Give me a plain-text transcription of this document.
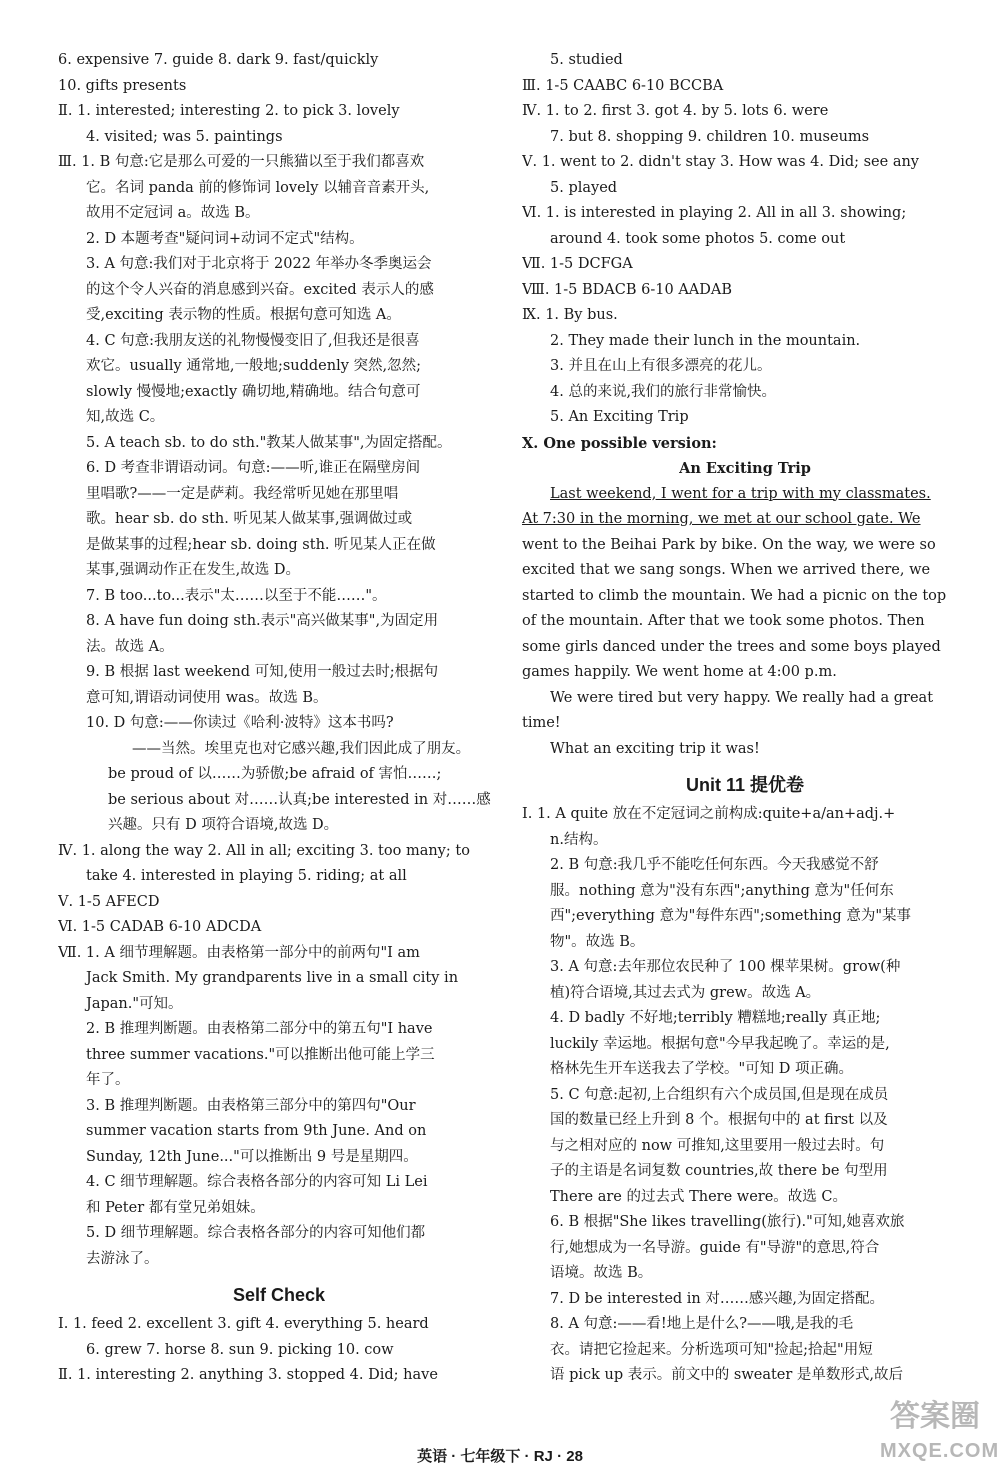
6. expensive 7. guide 8. dark 9. fast/quickly
10. gifts presents
Ⅱ. 1. interested; interesting 2. to pick 3. lovely
4. visited; was 5. paintings
Ⅲ. 1. B 句意:它是那么可爱的一只熊猫以至于我们都喜欢
它。名词 panda 前的修饰词 lovely 以辅音音素开头,
故用不定冠词 a。故选 B。
2. D 本题考查"疑问词+动词不定式"结构。
3. A 句意:我们对于北京将于 2022 年举办冬季奥运会
的这个令人兴奋的消息感到兴奋。excited 表示人的感
受,exciting 表示物的性质。根据句意可知选 A。
4. C 句意:我朋友送的礼物慢慢变旧了,但我还是很喜
欢它。usually 通常地,一般地;suddenly 突然,忽然;
slowly 慢慢地;exactly 确切地,精确地。结合句意可
知,故选 C。
5. A teach sb. to do sth."教某人做某事",为固定搭配。
6. D 考查非谓语动词。句意:——听,谁正在隔壁房间
里唱歌?——一定是萨莉。我经常听见她在那里唱
歌。hear sb. do sth. 听见某人做某事,强调做过或
是做某事的过程;hear sb. doing sth. 听见某人正在做
某事,强调动作正在发生,故选 D。
7. B too...to...表示"太……以至于不能……"。
8. A have fun doing sth.表示"高兴做某事",为固定用
法。故选 A。
9. B 根据 last weekend 可知,使用一般过去时;根据句
意可知,谓语动词使用 was。故选 B。
10. D 句意:——你读过《哈利·波特》这本书吗?
——当然。埃里克也对它感兴趣,我们因此成了朋友。
be proud of 以……为骄傲;be afraid of 害怕……;
be serious about 对……认真;be interested in 对……感
兴趣。只有 D 项符合语境,故选 D。
Ⅳ. 1. along the way 2. All in all; exciting 3. too many; to
take 4. interested in playing 5. riding; at all
Ⅴ. 1-5 AFECD
Ⅵ. 1-5 CADAB 6-10 ADCDA
Ⅶ. 1. A 细节理解题。由表格第一部分中的前两句"I am
Jack Smith. My grandparents live in a small city in
Japan."可知。
2. B 推理判断题。由表格第二部分中的第五句"I have
three summer vacations."可以推断出他可能上学三
年了。
3. B 推理判断题。由表格第三部分中的第四句"Our
summer vacation starts from 9th June. And on
Sunday, 12th June..."可以推断出 9 号是星期四。
4. C 细节理解题。综合表格各部分的内容可知 Li Lei
和 Peter 都有堂兄弟姐妹。
5. D 细节理解题。综合表格各部分的内容可知他们都
去游泳了。
Self Check
Ⅰ. 1. feed 2. excellent 3. gift 4. everything 5. heard
6. grew 7. horse 8. sun 9. picking 10. cow
Ⅱ. 1. interesting 2. anything 3. stopped 4. Did; have
5. studied
Ⅲ. 1-5 CAABC 6-10 BCCBA
Ⅳ. 1. to 2. first 3. got 4. by 5. lots 6. were
7. but 8. shopping 9. children 10. museums
Ⅴ. 1. went to 2. didn't stay 3. How was 4. Did; see any
5. played
Ⅵ. 1. is interested in playing 2. All in all 3. showing;
around 4. took some photos 5. come out
Ⅶ. 1-5 DCFGA
Ⅷ. 1-5 BDACB 6-10 AADAB
Ⅸ. 1. By bus.
2. They made their lunch in the mountain.
3. 并且在山上有很多漂亮的花儿。
4. 总的来说,我们的旅行非常愉快。
5. An Exciting Trip
Ⅹ. One possible version:
An Exciting Trip
Last weekend, I went for a trip with my classmates.
At 7:30 in the morning, we met at our school gate. We
went to the Beihai Park by bike. On the way, we were so
excited that we sang songs. When we arrived there, we
started to climb the mountain. We had a picnic on the top
of the mountain. After that we took some photos. Then
some girls danced under the trees and some boys played
games happily. We went home at 4:00 p.m.
We were tired but very happy. We really had a great
time!
What an exciting trip it was!
Unit 11 提优卷
Ⅰ. 1. A quite 放在不定冠词之前构成:quite+a/an+adj.+
n.结构。
2. B 句意:我几乎不能吃任何东西。今天我感觉不舒
服。nothing 意为"没有东西";anything 意为"任何东
西";everything 意为"每件东西";something 意为"某事
物"。故选 B。
3. A 句意:去年那位农民种了 100 棵苹果树。grow(种
植)符合语境,其过去式为 grew。故选 A。
4. D badly 不好地;terribly 糟糕地;really 真正地;
luckily 幸运地。根据句意"今早我起晚了。幸运的是,
格林先生开车送我去了学校。"可知 D 项正确。
5. C 句意:起初,上合组织有六个成员国,但是现在成员
国的数量已经上升到 8 个。根据句中的 at first 以及
与之相对应的 now 可推知,这里要用一般过去时。句
子的主语是名词复数 countries,故 there be 句型用
There are 的过去式 There were。故选 C。
6. B 根据"She likes travelling(旅行)."可知,她喜欢旅
行,她想成为一名导游。guide 有"导游"的意思,符合
语境。故选 B。
7. D be interested in 对……感兴趣,为固定搭配。
8. A 句意:——看!地上是什么?——哦,是我的毛
衣。请把它捡起来。分析选项可知"捡起;拾起"用短
语 pick up 表示。前文中的 sweater 是单数形式,故后
英语 · 七年级下 · RJ · 28
答案圈
MXQE.COM
